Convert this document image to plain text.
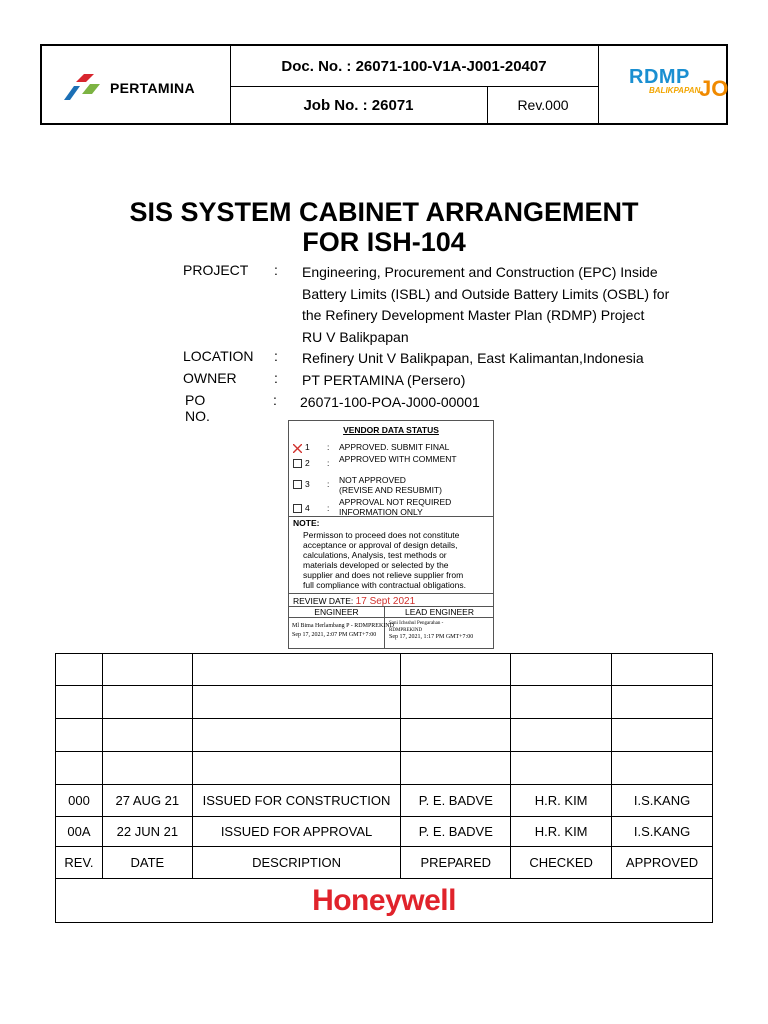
PERTAMINA
Doc. No. : 26071-100-V1A-J001-20407
Job No. : 26071	Rev.000
RDMP
BALIKPAPAN
JO
SIS SYSTEM CABINET ARRANGEMENT
FOR ISH-104
PROJECT : Engineering, Procurement and Construction (EPC) Inside
Battery Limits (ISBL) and Outside Battery Limits (OSBL) for
the Refinery Development Master Plan (RDMP) Project
RU V Balikpapan
LOCATION : Refinery Unit V Balikpapan, East Kalimantan,Indonesia
OWNER	: PT PERTAMINA (Persero)
PO NO.
: 26071-100-POA-J000-00001
VENDOR DATA STATUS
1 :	APPROVED. SUBMIT FINAL
2 :	APPROVED WITH COMMENT
3 :	NOT APPROVED
(REVISE AND RESUBMIT)
4 :
APPROVAL NOT REQUIRED
INFORMATION ONLY
NOTE:
Permisson to proceed does not constitute
acceptance or approval of design details,
calculations, Analysis, test methods or
materials developed or selected by the
supplier and does not relieve supplier from
full compliance with contractual obligations.
REVIEW DATE: 17 Sept 2021
ENGINEER	LEAD ENGINEER
Ml Bima Herlambang P - RDMPREKIND
Sep 17, 2021, 2:07 PM GMT+7:00
Sani Ichsshul Pengarahan -
RDMPREKIND
Sep 17, 2021, 1:17 PM GMT+7:00

000	27 AUG 21	ISSUED FOR CONSTRUCTION	P. E. BADVE	H.R. KIM	I.S.KANG
00A	22 JUN 21	ISSUED FOR APPROVAL	P. E. BADVE	H.R. KIM	I.S.KANG
REV.	DATE	DESCRIPTION	PREPARED	CHECKED	APPROVED
Honeywell					
